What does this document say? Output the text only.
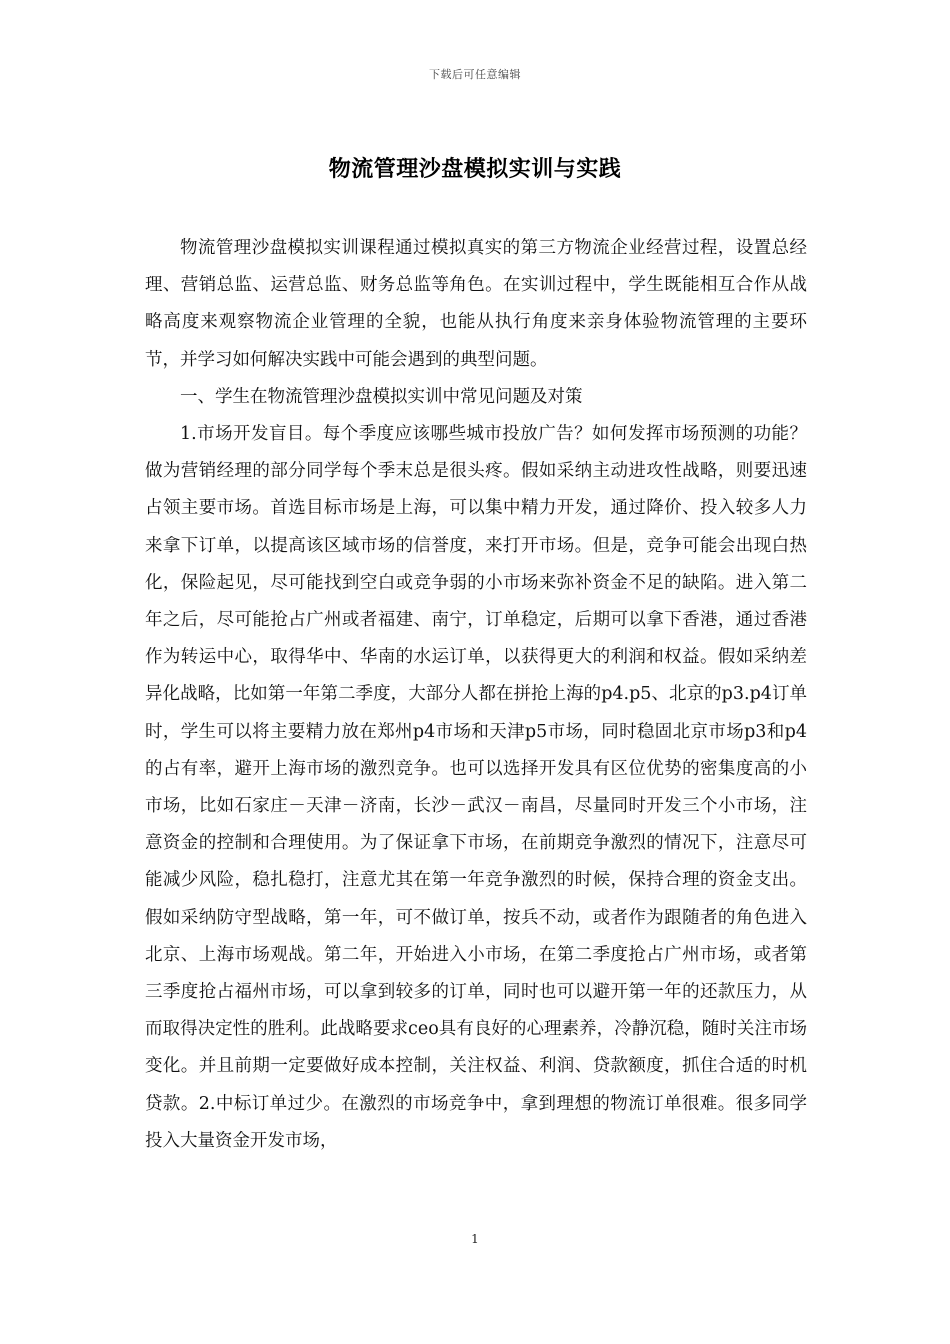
下载后可任意编辑
物流管理沙盘模拟实训与实践

物流管理沙盘模拟实训课程通过模拟真实的第三方物流企业经营过程，设置总经理、营销总监、运营总监、财务总监等角色。在实训过程中，学生既能相互合作从战略高度来观察物流企业管理的全貌，也能从执行角度来亲身体验物流管理的主要环节，并学习如何解决实践中可能会遇到的典型问题。

一、学生在物流管理沙盘模拟实训中常见问题及对策

1.市场开发盲目。每个季度应该哪些城市投放广告？如何发挥市场预测的功能？做为营销经理的部分同学每个季末总是很头疼。假如采纳主动进攻性战略，则要迅速占领主要市场。首选目标市场是上海，可以集中精力开发，通过降价、投入较多人力来拿下订单，以提高该区域市场的信誉度，来打开市场。但是，竞争可能会出现白热化，保险起见，尽可能找到空白或竞争弱的小市场来弥补资金不足的缺陷。进入第二年之后，尽可能抢占广州或者福建、南宁，订单稳定，后期可以拿下香港，通过香港作为转运中心，取得华中、华南的水运订单，以获得更大的利润和权益。假如采纳差异化战略，比如第一年第二季度，大部分人都在拼抢上海的p4.p5、北京的p3.p4订单时，学生可以将主要精力放在郑州p4市场和天津p5市场，同时稳固北京市场p3和p4的占有率，避开上海市场的激烈竞争。也可以选择开发具有区位优势的密集度高的小市场，比如石家庄－天津－济南，长沙－武汉－南昌，尽量同时开发三个小市场，注意资金的控制和合理使用。为了保证拿下市场，在前期竞争激烈的情况下，注意尽可能减少风险，稳扎稳打，注意尤其在第一年竞争激烈的时候，保持合理的资金支出。假如采纳防守型战略，第一年，可不做订单，按兵不动，或者作为跟随者的角色进入北京、上海市场观战。第二年，开始进入小市场，在第二季度抢占广州市场，或者第三季度抢占福州市场，可以拿到较多的订单，同时也可以避开第一年的还款压力，从而取得决定性的胜利。此战略要求ceo具有良好的心理素养，冷静沉稳，随时关注市场变化。并且前期一定要做好成本控制，关注权益、利润、贷款额度，抓住合适的时机贷款。2.中标订单过少。在激烈的市场竞争中，拿到理想的物流订单很难。很多同学投入大量资金开发市场，

1
